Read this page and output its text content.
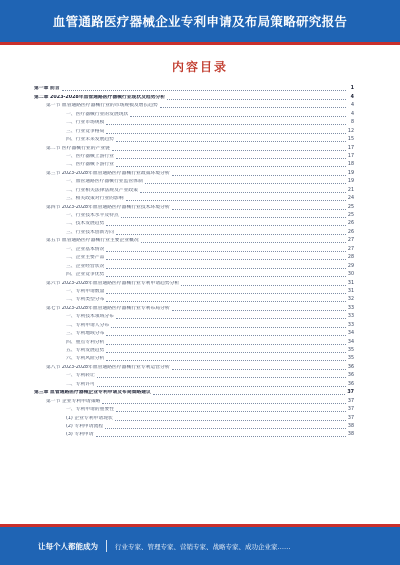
血管通路医疗器械企业专利申请及布局策略研究报告
内容目录
第一章 前言	1
第二章 2023-2028年血管通路医疗器械行业现状及趋势分析	4
第一节 血管通路医疗器械行业的市场规模及增长趋势	4
一、医疗器械行业的发展现状	4
二、行业市场规模	8
三、行业竞争格局	12
四、行业未来发展趋势	15
第二节 医疗器械行业的产业链	17
一、医疗器械上游行业	17
二、医疗器械下游行业	18
第三节 2023-2028年血管通路医疗器械行业政策环境分析	19
一、血管通路医疗器械行业监管体制	19
二、行业相关法律法规及产业政策	21
三、相关政策对行业的影响	24
第四节 2023-2028年血管通路医疗器械行业技术环境分析	25
一、行业技术水平及特点	25
二、技术发展趋势	26
三、行业技术创新方向	26
第五节 血管通路医疗器械行业主要企业概况	27
一、企业基本情况	27
二、企业主要产品	28
三、企业经营状况	29
四、企业竞争优势	30
第六节 2023-2028年血管通路医疗器械行业专利申请趋势分析	31
一、专利申请数量	31
二、专利类型分布	32
第七节 2023-2028年血管通路医疗器械行业专利布局分析	33
一、专利技术领域分布	33
二、专利申请人分布	33
三、专利地域分布	34
四、重点专利分析	34
五、专利发展趋势	35
六、专利风险分析	35
第八节 2023-2028年血管通路医疗器械行业专利运营分析	36
一、专利转让	36
二、专利许可	36
第三章 血管通路医疗器械企业专利申请及布局策略建议	37
第一节 企业专利申请策略	37
一、专利申请的重要性	37
(1) 企业专利申请现状	37
(2) 专利申请流程	38
(3) 专利申请	38
让每个人都能成为	行业专家、管理专家、营销专家、战略专家、成功企业家……
